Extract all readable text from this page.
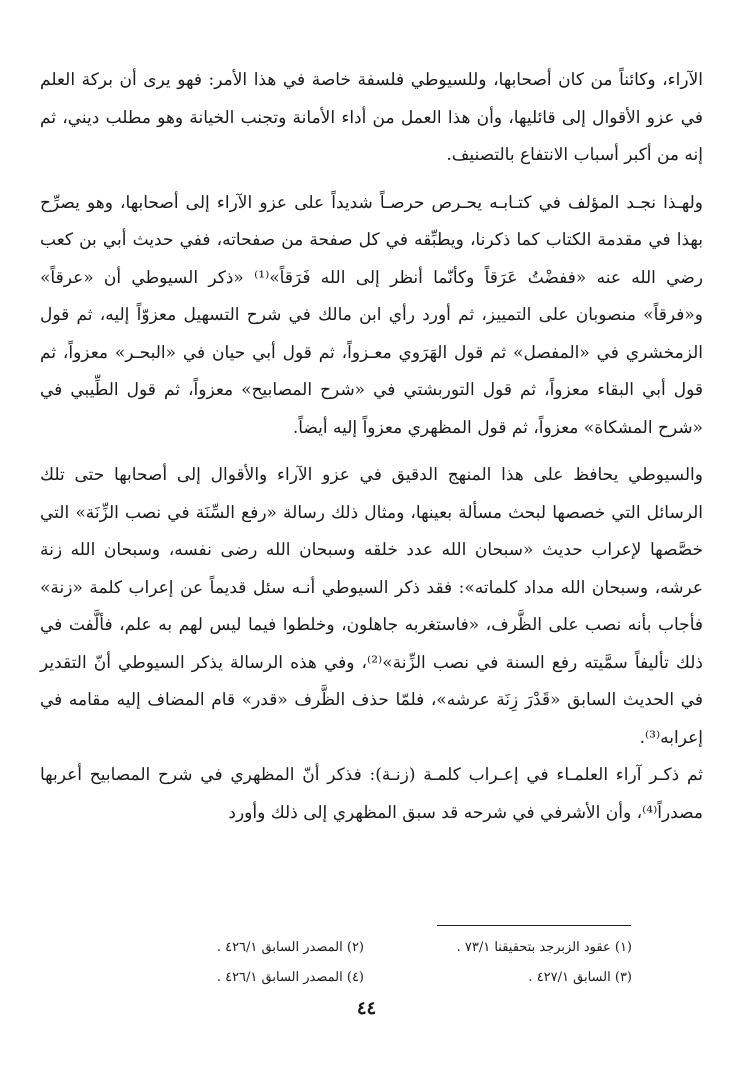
الآراء، وكائناً من كان أصحابها، وللسيوطي فلسفة خاصة في هذا الأمر: فهو يرى أن بركة العلم في عزو الأقوال إلى قائليها، وأن هذا العمل من أداء الأمانة وتجنب الخيانة وهو مطلب ديني، ثم إنه من أكبر أسباب الانتفاع بالتصنيف.

ولهـذا نجـد المؤلف في كتـابـه يحـرص حرصـاً شديداً على عزو الآراء إلى أصحابها، وهو يصرِّح بهذا في مقدمة الكتاب كما ذكرنا، ويطبِّقه في كل صفحة من صفحاته، ففي حديث أبي بن كعب رضي الله عنه «ففضْتُ عَرَقاً وكأنّما أنظر إلى الله فَرَقاً»⁽¹⁾ «ذكر السيوطي أن «عرقاً» و«فرقاً» منصوبان على التمييز، ثم أورد رأي ابن مالك في شرح التسهيل معزوّاً إليه، ثم قول الزمخشري في «المفصل» ثم قول الهَرَوي معـزواً، ثم قول أبي حيان في «البحـر» معزواً، ثم قول أبي البقاء معزواً، ثم قول التوربشتي في «شرح المصابيح» معزواً، ثم قول الطِّيبي في «شرح المشكاة» معزواً، ثم قول المظهري معزواً إليه أيضاً.

والسيوطي يحافظ على هذا المنهج الدقيق في عزو الآراء والأقوال إلى أصحابها حتى تلك الرسائل التي خصصها لبحث مسألة بعينها، ومثال ذلك رسالة «رفع السِّنَة في نصب الزِّنَة» التي خصَّصها لإعراب حديث «سبحان الله عدد خلقه وسبحان الله رضى نفسه، وسبحان الله زنة عرشه، وسبحان الله مداد كلماته»: فقد ذكر السيوطي أنـه سئل قديماً عن إعراب كلمة «زنة» فأجاب بأنه نصب على الظَّرف، «فاستغربه جاهلون، وخلطوا فيما ليس لهم به علم، فألَّفت في ذلك تأليفاً سمَّيته رفع السنة في نصب الزِّنة»⁽²⁾، وفي هذه الرسالة يذكر السيوطي أنّ التقدير في الحديث السابق «قَدْرَ زِنَة عرشه»، فلمّا حذف الظَّرف «قدر» قام المضاف إليه مقامه في إعرابه⁽³⁾.

ثم ذكـر آراء العلمـاء في إعـراب كلمـة (زنـة): فذكر أنّ المظهري في شرح المصابيح أعربها مصدراً⁽⁴⁾، وأن الأشرفي في شرحه قد سبق المظهري إلى ذلك وأورد

(١) عقود الزبرجد بتحقيقنا ٧٣/١ .
(٢) المصدر السابق ٤٢٦/١ .
(٣) السابق ٤٢٧/١ .
(٤) المصدر السابق ٤٢٦/١ .
٤٤
